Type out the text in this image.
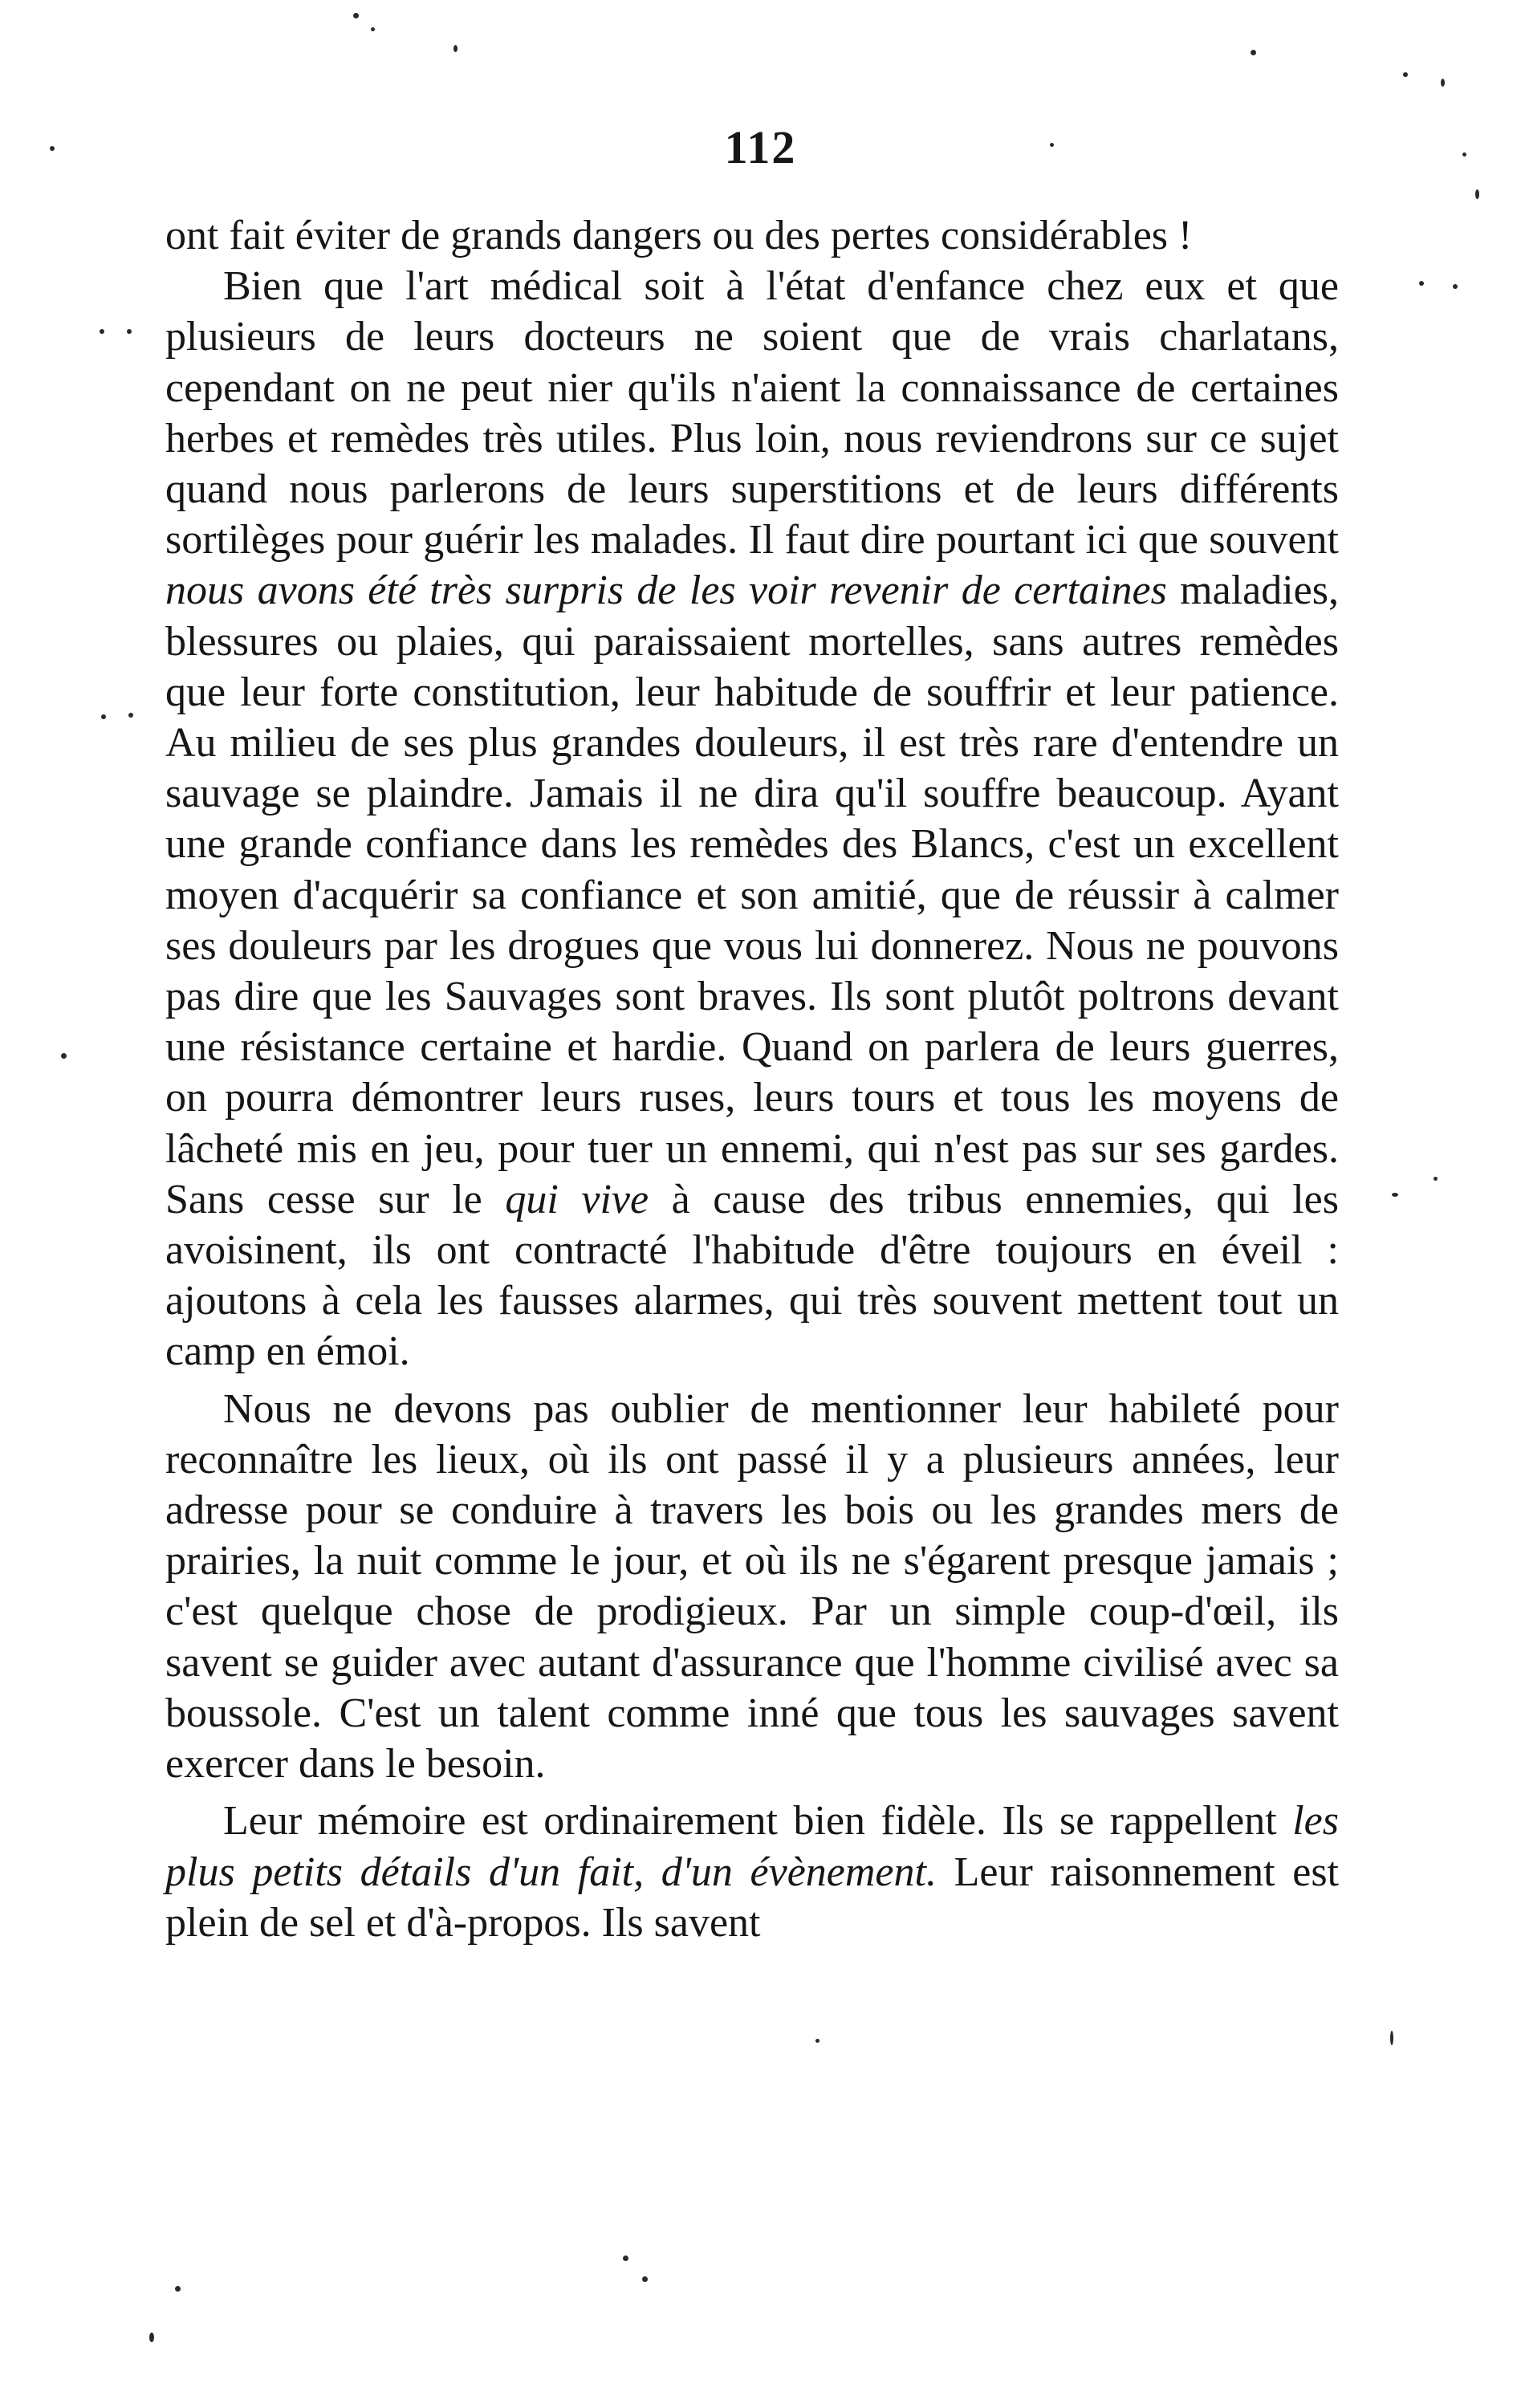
112

ont fait éviter de grands dangers ou des pertes considérables !

Bien que l'art médical soit à l'état d'enfance chez eux et que plusieurs de leurs docteurs ne soient que de vrais charlatans, cependant on ne peut nier qu'ils n'aient la connaissance de certaines herbes et remèdes très utiles. Plus loin, nous reviendrons sur ce sujet quand nous parlerons de leurs superstitions et de leurs différents sortilèges pour guérir les malades. Il faut dire pourtant ici que souvent nous avons été très surpris de les voir revenir de certaines maladies, blessures ou plaies, qui paraissaient mortelles, sans autres remèdes que leur forte constitution, leur habitude de souffrir et leur patience. Au milieu de ses plus grandes douleurs, il est très rare d'entendre un sauvage se plaindre. Jamais il ne dira qu'il souffre beaucoup. Ayant une grande confiance dans les remèdes des Blancs, c'est un excellent moyen d'acquérir sa confiance et son amitié, que de réussir à calmer ses douleurs par les drogues que vous lui donnerez. Nous ne pouvons pas dire que les Sauvages sont braves. Ils sont plutôt poltrons devant une résistance certaine et hardie. Quand on parlera de leurs guerres, on pourra démontrer leurs ruses, leurs tours et tous les moyens de lâcheté mis en jeu, pour tuer un ennemi, qui n'est pas sur ses gardes. Sans cesse sur le qui vive à cause des tribus ennemies, qui les avoisinent, ils ont contracté l'habitude d'être toujours en éveil : ajoutons à cela les fausses alarmes, qui très souvent mettent tout un camp en émoi.

Nous ne devons pas oublier de mentionner leur habileté pour reconnaître les lieux, où ils ont passé il y a plusieurs années, leur adresse pour se conduire à travers les bois ou les grandes mers de prairies, la nuit comme le jour, et où ils ne s'égarent presque jamais ; c'est quelque chose de prodigieux. Par un simple coup-d'œil, ils savent se guider avec autant d'assurance que l'homme civilisé avec sa boussole. C'est un talent comme inné que tous les sauvages savent exercer dans le besoin.

Leur mémoire est ordinairement bien fidèle. Ils se rappellent les plus petits détails d'un fait, d'un évènement. Leur raisonnement est plein de sel et d'à-propos. Ils savent
